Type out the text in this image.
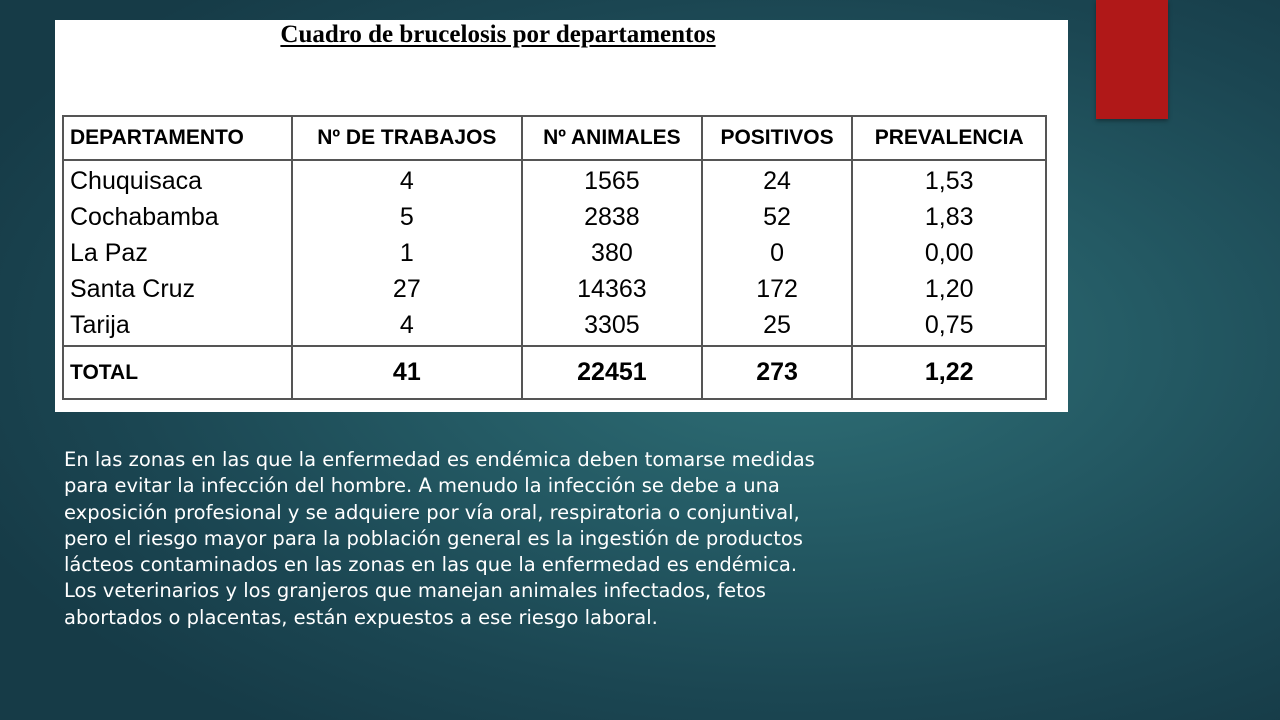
Cuadro de brucelosis por departamentos
DEPARTAMENTO	Nº DE TRABAJOS	Nº ANIMALES	POSITIVOS	PREVALENCIA
Chuquisaca	4	1565	24	1,53
Cochabamba	5	2838	52	1,83
La Paz	1	380	0	0,00
Santa Cruz	27	14363	172	1,20
Tarija	4	3305	25	0,75
TOTAL	41	22451	273	1,22

En las zonas en las que la enfermedad es endémica deben tomarse medidas
para evitar la infección del hombre. A menudo la infección se debe a una
exposición profesional y se adquiere por vía oral, respiratoria o conjuntival,
pero el riesgo mayor para la población general es la ingestión de productos
lácteos contaminados en las zonas en las que la enfermedad es endémica.
Los veterinarios y los granjeros que manejan animales infectados, fetos
abortados o placentas, están expuestos a ese riesgo laboral.
